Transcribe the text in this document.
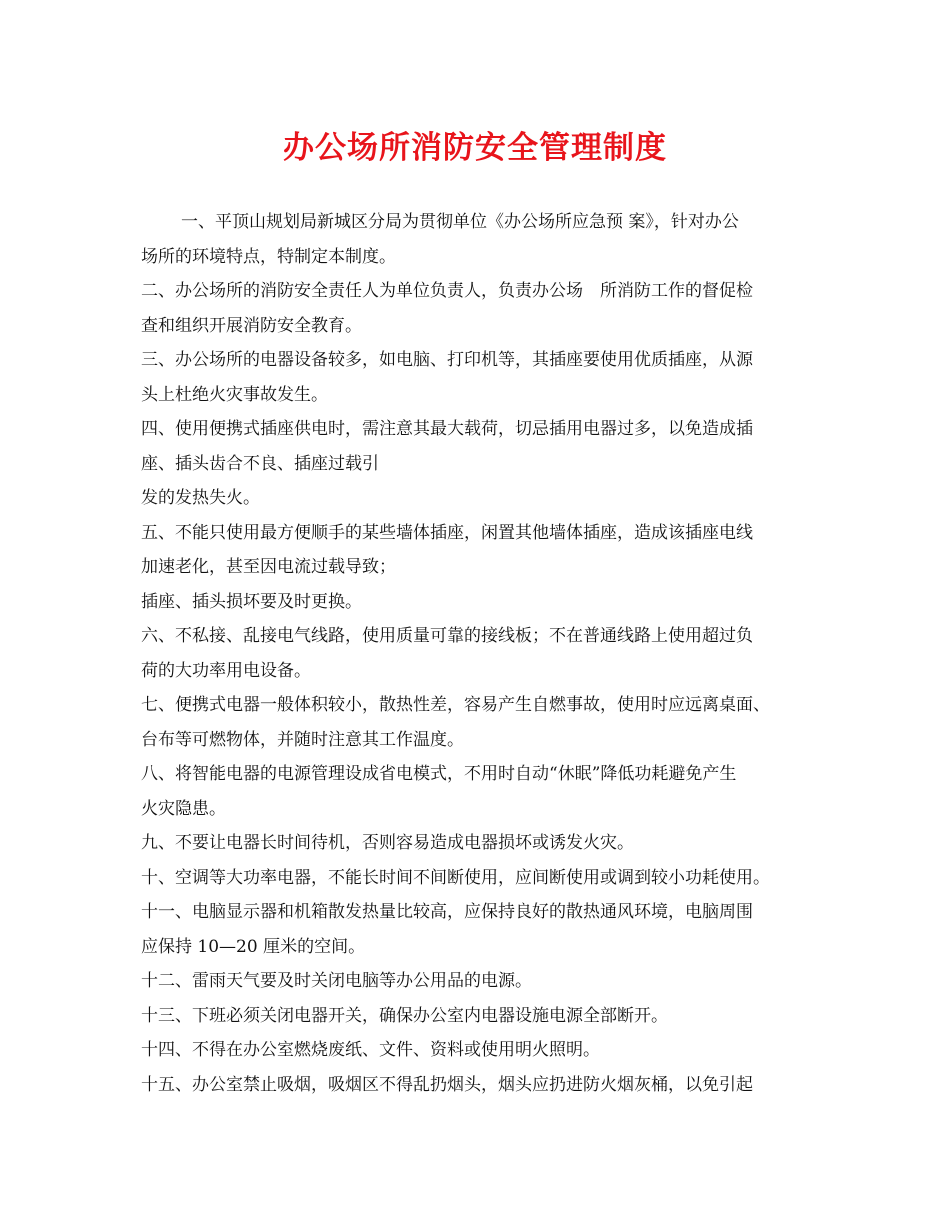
办公场所消防安全管理制度
一、平顶山规划局新城区分局为贯彻单位《办公场所应急预 案》，针对办公
场所的环境特点，特制定本制度。
二、办公场所的消防安全责任人为单位负责人，负责办公场　所消防工作的督促检
查和组织开展消防安全教育。
三、办公场所的电器设备较多，如电脑、打印机等，其插座要使用优质插座，从源
头上杜绝火灾事故发生。
四、使用便携式插座供电时，需注意其最大载荷，切忌插用电器过多，以免造成插
座、插头齿合不良、插座过载引
发的发热失火。
五、不能只使用最方便顺手的某些墙体插座，闲置其他墙体插座，造成该插座电线
加速老化，甚至因电流过载导致；
插座、插头损坏要及时更换。
六、不私接、乱接电气线路，使用质量可靠的接线板；不在普通线路上使用超过负
荷的大功率用电设备。
七、便携式电器一般体积较小，散热性差，容易产生自燃事故，使用时应远离桌面、
台布等可燃物体，并随时注意其工作温度。
八、将智能电器的电源管理设成省电模式，不用时自动“休眠”降低功耗避免产生
火灾隐患。
九、不要让电器长时间待机，否则容易造成电器损坏或诱发火灾。
十、空调等大功率电器，不能长时间不间断使用，应间断使用或调到较小功耗使用。
十一、电脑显示器和机箱散发热量比较高，应保持良好的散热通风环境，电脑周围
应保持 10—20 厘米的空间。
十二、雷雨天气要及时关闭电脑等办公用品的电源。
十三、下班必须关闭电器开关，确保办公室内电器设施电源全部断开。
十四、不得在办公室燃烧废纸、文件、资料或使用明火照明。
十五、办公室禁止吸烟，吸烟区不得乱扔烟头，烟头应扔进防火烟灰桶，以免引起
